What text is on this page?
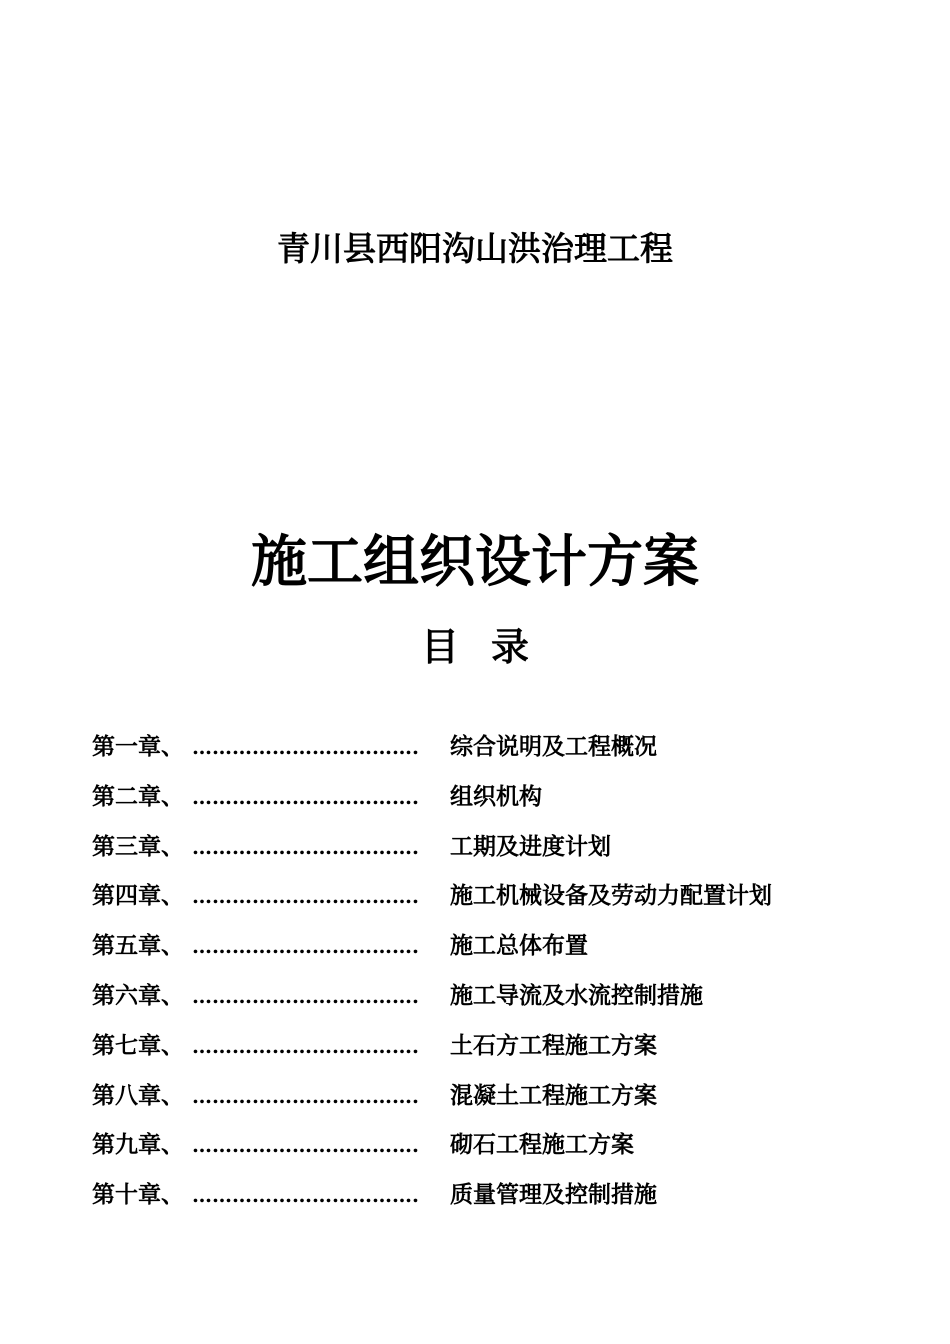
青川县西阳沟山洪治理工程
施工组织设计方案
目 录
第一章、 …………………………….	综合说明及工程概况
第二章、 …………………………….	组织机构
第三章、 …………………………….	工期及进度计划
第四章、 …………………………….	施工机械设备及劳动力配置计划
第五章、 …………………………….	施工总体布置
第六章、 …………………………….	施工导流及水流控制措施
第七章、 …………………………….	土石方工程施工方案
第八章、 …………………………….	混凝土工程施工方案
第九章、 …………………………….	砌石工程施工方案
第十章、 …………………………….	质量管理及控制措施
